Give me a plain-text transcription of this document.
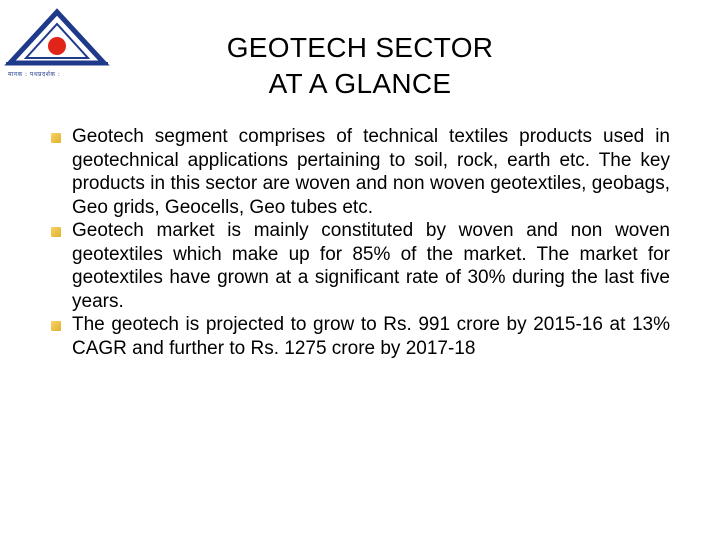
मानक : पथप्रदर्शक :
GEOTECH SECTOR
AT A GLANCE
Geotech segment comprises of technical textiles products used in geotechnical applications pertaining to soil, rock, earth etc. The key products in this sector are woven and non woven geotextiles, geobags, Geo grids, Geocells, Geo tubes etc.
Geotech market is mainly constituted by woven and non woven geotextiles which make up for 85% of the market. The market for geotextiles have grown at a significant rate of 30% during the last five years.
The geotech is projected to grow to Rs. 991 crore by 2015-16 at 13% CAGR and further to Rs. 1275 crore by 2017-18
